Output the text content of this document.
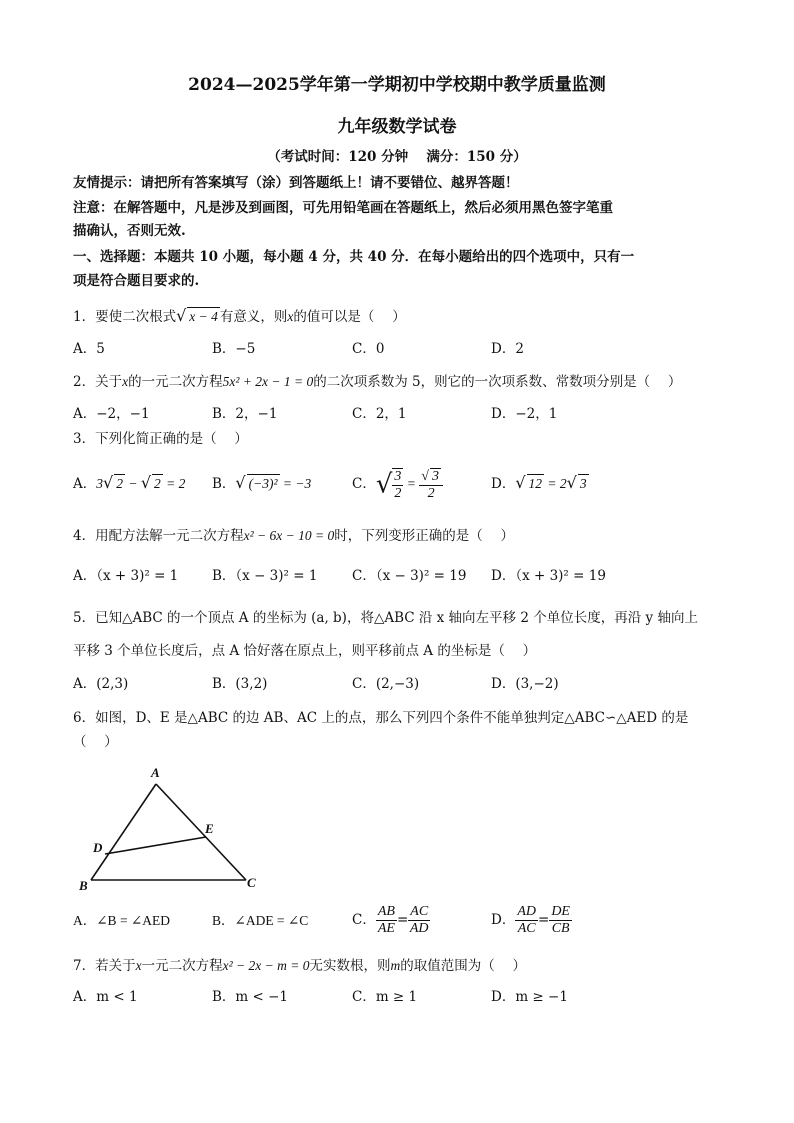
2024—2025学年第一学期初中学校期中教学质量监测
九年级数学试卷
（考试时间：120 分钟　 满分：150 分）
友情提示：请把所有答案填写（涂）到答题纸上！请不要错位、越界答题！
注意：在解答题中，凡是涉及到画图，可先用铅笔画在答题纸上，然后必须用黑色签字笔重
描确认，否则无效.
一、选择题：本题共 10 小题，每小题 4 分，共 40 分．在每小题给出的四个选项中，只有一
项是符合题目要求的.
1．要使二次根式√ x − 4 有意义，则x的值可以是（　 ）
A．5	B．−5	C．0	D．2
2．关于x的一元二次方程5x² + 2x − 1 = 0的二次项系数为 5，则它的一次项系数、常数项分别是（　 ）
A．−2，−1	B．2，−1	C．2，1	D．−2，1
3．下列化简正确的是（　 ）
A．3√ 2 − √ 2 = 2 B．√ (−3)² = −3	C．√ $\frac{3}{2} = \frac{√ 3}{2}$	D．√ 12 = 2√ 3
4．用配方法解一元二次方程x² − 6x − 10 = 0时，下列变形正确的是（　 ）
A．（x + 3)² = 1 B．（x − 3)² = 1	C．（x − 3)² = 19 D．（x + 3)² = 19
5．已知△ABC 的一个顶点 A 的坐标为 (a, b)，将△ABC 沿 x 轴向左平移 2 个单位长度，再沿 y 轴向上
平移 3 个单位长度后，点 A 恰好落在原点上，则平移前点 A 的坐标是（　 ）
A．(2,3)	B．(3,2)	C．(2,−3)	D．(3,−2)
6．如图，D、E 是△ABC 的边 AB、AC 上的点，那么下列四个条件不能单独判定△ABC∽△AED 的是
（　 ）
A
E
D
B	C
A．∠B = ∠AED	B．∠ADE = ∠C	C． $\frac{AB}{AE} = \frac{AC}{AD}$	D． $\frac{AD}{AC} = \frac{DE}{CB}$
7．若关于x一元二次方程x² − 2x − m = 0无实数根，则m的取值范围为（　 ）
A．m < 1	B．m < −1	C．m ≥ 1	D．m ≥ −1
